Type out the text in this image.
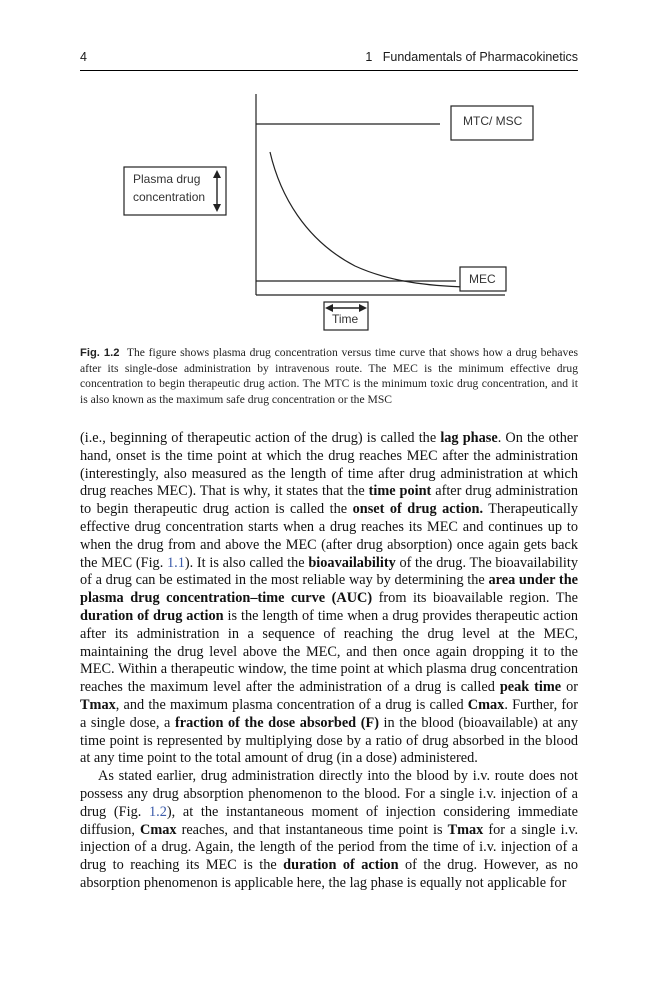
4	1   Fundamentals of Pharmacokinetics
MTC/ MSC
Plasma drug
concentration
MEC
Time
Fig. 1.2 The figure shows plasma drug concentration versus time curve that shows how a drug behaves after its single-dose administration by intravenous route. The MEC is the minimum effective drug concentration to begin therapeutic drug action. The MTC is the minimum toxic drug concentration, and it is also known as the maximum safe drug concentration or the MSC

(i.e., beginning of therapeutic action of the drug) is called the lag phase. On the other hand, onset is the time point at which the drug reaches MEC after the administration (interestingly, also measured as the length of time after drug administration at which drug reaches MEC). That is why, it states that the time point after drug administration to begin therapeutic drug action is called the onset of drug action. Therapeutically effective drug concentration starts when a drug reaches its MEC and continues up to when the drug from and above the MEC (after drug absorption) once again gets back the MEC (Fig. 1.1). It is also called the bioavailability of the drug. The bioavailability of a drug can be estimated in the most reliable way by determining the area under the plasma drug concentration–time curve (AUC) from its bioavailable region. The duration of drug action is the length of time when a drug provides therapeutic action after its administration in a sequence of reaching the drug level at the MEC, maintaining the drug level above the MEC, and then once again dropping it to the MEC. Within a therapeutic window, the time point at which plasma drug concentration reaches the maximum level after the administration of a drug is called peak time or Tmax, and the maximum plasma concentration of a drug is called Cmax. Further, for a single dose, a fraction of the dose absorbed (F) in the blood (bioavailable) at any time point is represented by multiplying dose by a ratio of drug absorbed in the blood at any time point to the total amount of drug (in a dose) administered.

As stated earlier, drug administration directly into the blood by i.v. route does not possess any drug absorption phenomenon to the blood. For a single i.v. injection of a drug (Fig. 1.2), at the instantaneous moment of injection considering immediate diffusion, Cmax reaches, and that instantaneous time point is Tmax for a single i.v. injection of a drug. Again, the length of the period from the time of i.v. injection of a drug to reaching its MEC is the duration of action of the drug. However, as no absorption phenomenon is applicable here, the lag phase is equally not applicable for
